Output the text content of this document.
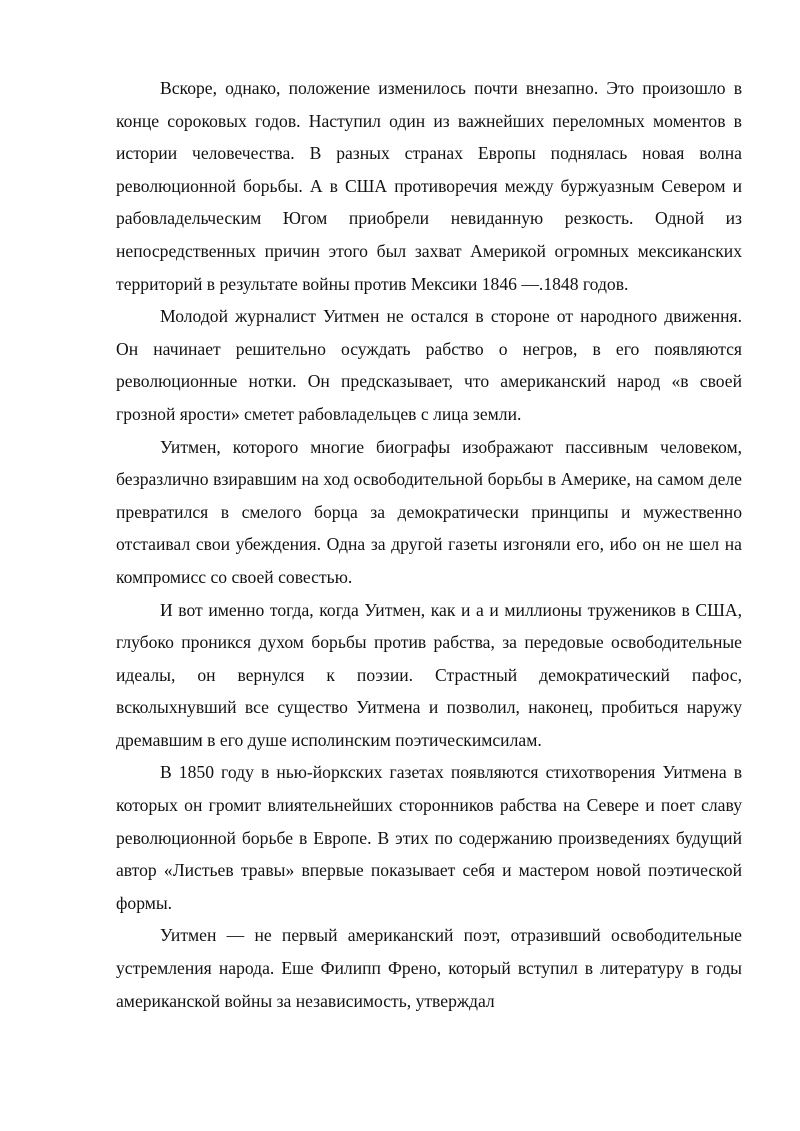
Вскоре, однако, положение изменилось почти внезапно. Это произошло в конце сороковых годов. Наступил один из важнейших переломных моментов в истории человечества. В разных странах Европы поднялась новая волна революционной борьбы. А в США противоречия между буржуазным Севером и рабовладельческим Югом приобрели невиданную резкость. Одной из непосредственных причин этого был захват Америкой огромных мексиканских территорий в результате войны против Мексики 1846 —.1848 годов.

Молодой журналист Уитмен не остался в стороне от народного движення. Он начинает решительно осуждать рабство о негров, в его появляются революционные нотки. Он предсказывает, что американский народ «в своей грозной ярости» сметет рабовладельцев с лица земли.

Уитмен, которого многие биографы изображают пассивным человеком, безразлично взиравшим на ход освободительной борьбы в Америке, на самом деле превратился в смелого борца за демократически принципы и мужественно отстаивал свои убеждения. Одна за другой газеты изгоняли его, ибо он не шел на компромисс со своей совестью.

И вот именно тогда, когда Уитмен, как и а и миллионы тружеников в США, глубоко проникся духом борьбы против рабства, за передовые освободительные идеалы, он вернулся к поэзии. Страстный демократический пафос, всколыхнувший все существо Уитмена и позволил, наконец, пробиться наружу дремавшим в его душе исполинским поэтическимсилам.

В 1850 году в нью-йоркских газетах появляются стихотворения Уитмена в которых он громит влиятельнейших сторонников рабства на Севере и поет славу революционной борьбе в Европе. В этих по содержанию произведениях будущий автор «Листьев травы» впервые показывает себя и мастером новой поэтической формы.

Уитмен — не первый американский поэт, отразивший освободительные устремления народа. Еше Филипп Френо, который вступил в литературу в годы американской войны за независимость, утверждал
